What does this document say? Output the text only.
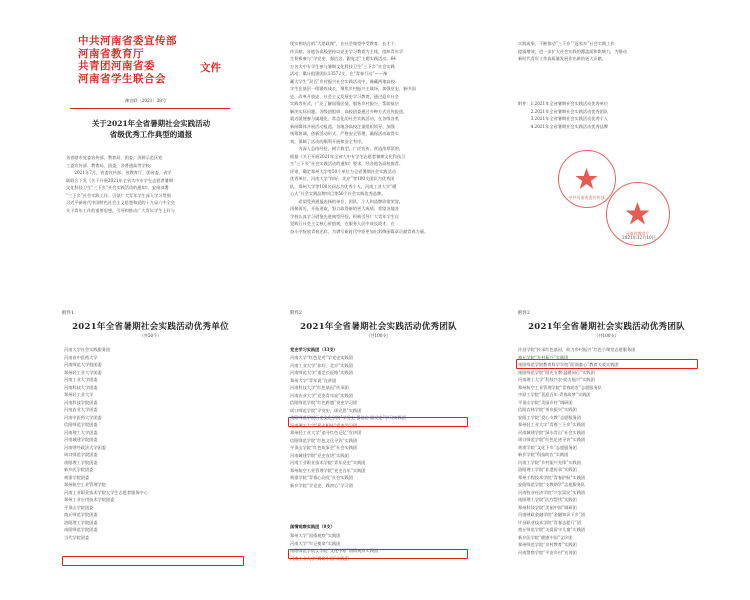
中共河南省委宣传部
河南省教育厅
共青团河南省委
河南省学生联合会
文件
豫宣联〔2021〕38号
关于2021年全省暑期社会实践活动
省级优秀工作典型的通报
各省辖市党委宣传部、教育局、团委，济源示范区党
工委宣传部、教育局、团委，各普通高等学校：
　　2021年7月，省委宣传部、省教育厅、团省委、省学
联联合下发《关于开展2021年全省大中专学生志愿者暑期
文化科技卫生“三下乡”社会实践活动的通知》，安排部署
“三下乡”社会实践工作。引领广大青年学生深入学习贯彻
习近平新时代中国特色社会主义思想和党的十九届六中全会
关于青年工作的重要思想，引导和推动广大青年学生上好与
现实相结合的“大思政课”，在社会课堂中受教育、长才干、
作贡献。各地各高校坚持以党史学习教育为主线，组织青年学
生积极参与“学党史、强信念、跟党走”主题实践活动。64
万名大中专学生参与暑期文化科技卫生“三下乡”社会实践
活动，累计组建团队13572支。在“青春行动”——豫
藏大学生“双百”乡村振兴社会实践活动中，豫藏两地高校
学生在基层一线锻炼成长，聚焦乡村振兴主战场，加强党史、新中国
史、改革开放史、社会主义发展史学习教育，通过返乡社会
实践等形式，广泛了解国情民情，服务乡村振兴，帮助基层
解决实际问题。各级团组织、高校团委通过多种方式宣传报道，
就近就便参与属地化、常态化的社会实践活动，在各级各类
新闻媒体开展活动报道。各地各高校注重组织领导、加强
统筹协调、创新活动形式、严格安全管理，确保活动取得实
效，保障了活动的顺利开展和安全有序。
　　为深入总结经验、树立典型，广泛宣传，营造浓厚氛围，
根据《关于开展2021年全省大中专学生志愿者暑期文化科技卫
生“三下乡”社会实践活动的通知》要求，经各地各高校推荐、
评审，确定郑州大学等50个单位为全省暑期社会实践活动
优秀单位，河南大学“你好，北京”等100支团队为优秀团
队，郑州大学等100名同志为优秀个人，河南工业大学“暖
心人”社会实践品牌项目等50个社会实践优秀品牌。
　　希望受到通报表扬的单位、团队、个人和品牌珍惜荣誉，
再接再厉，开拓进取，努力取得新的更大成绩。希望各地各
学校认真学习借鉴先进典型经验，积极引导广大青年学生自
觉践行社会主义核心价值观，在服务人民中成长成才，在
奋斗中绽放青春光彩，为谱写新时代中原更加出彩绚丽篇章贡献青春力量。
实践成果，不断推动“三下乡”“返家乡”社会实践工作
提质增效，进一步扩大社会实践的覆盖面和影响力，为推动
新时代青年工作高质量发展作出新的更大贡献。
附件：1.2021年全省暑期社会实践活动优秀单位
　　　2.2021年全省暑期社会实践活动优秀团队
　　　3.2021年全省暑期社会实践活动优秀个人
　　　4.2021年全省暑期社会实践活动优秀品牌
中共河南省委宣传部
河南省教育厅
2021年12月10日
附件1
2021年全省暑期社会实践活动优秀单位
（共50个）
河南大学社会实践服务团
河南省中医药大学
河南师范大学校团委
郑州轻工业大学团委
河南工业大学团委
河南科技大学团委
郑州轻工业大学
河南科技学院团委
河南农业大学团委
河南中医药大学团委
信阳师范学院团委
河南理工大学团委
河南城建学院团委
河南财经政法大学团委
周口师范学院团委
南阳理工学院团委
新乡医学院团委
黄淮学院团委
郑州航空工业管理学院
河南工业职业技术学院大学生志愿者服务中心
郑州工业应用技术学院团委
平顶山学院团委
商丘师范学院团委
洛阳理工学院团委
南阳师范学院团委
当代学院团委
附件2
2021年全省暑期社会实践活动优秀团队
（共100支）
党史学习实践团（33支）
河南大学“红色足迹”学党史实践团
河南工业大学“你好，北京”实践团
河南师范大学“重走长征路”实践团
郑州大学“青年说”宣讲团
河南科技大学“红色基因”传承团
河南农业大学“党史青年说”实践团
信阳师范学院“红色跨越”党史学习团
周口师范学院“学党史，颂党恩”实践团
南阳师范学院历史文化学院“学党史 强信念 跟党走”学习实践团
河南理工大学“薪火相传”党史学习团
郑州轻工业大学“追寻红色记忆”宣讲团
信阳师范学院“红色文化寻访”实践团
平顶山学院“红色故事会”社会实践团
河南城建学院“党史宣讲”实践团
河南工业职业技术学院“青年党史”实践团
郑州航空工业管理学院“党史百年”实践团
黄淮学院“青春心向党”社会实践团
新乡学院“学党史、践初心”学习团
国情观察实践团（8支）
郑州大学“国情观察”实践团
河南大学“牢记使命”实践团
南阳师范学院文学院“文化中原”国情观察实践团
河南工业大学“调研中国”实践团
附件2
2021年全省暑期社会实践活动优秀团队
（共100支）
许昌学院“传承红色基因，助力乡村振兴”红色小课堂志愿服务团
商丘学院“乡村振兴”实践团
南阳师范学院教育科学学院“阳润童心”教育关爱实践团
南阳师范学院“阳光支教·温暖同行”实践团
河南理工大学“科技兴农·助力振兴”实践团
郑州航空工业管理学院“青春助农”志愿服务队
中原工学院“喜迎百年·青春筑梦”实践团
平顶山学院“美丽乡村”调研团
信阳农林学院“茶乡振兴”实践团
安阳工学院“爱心支教”志愿服务团
郑州轻工业大学“青春三下乡”实践团
河南城建学院“绿水青山”社会实践团
周口师范学院“红色足迹寻访”实践团
黄淮学院“文化下乡”志愿服务团
新乡学院“科技助农”实践团
河南工学院“乡村振兴先锋”实践团
洛阳理工学院“非遗传承”实践团
郑州工程技术学院“青春护航”实践团
安阳师范学院“支教助学”志愿服务队
河南牧业经济学院“兴农富民”实践团
南阳理工学院“医疗帮扶”实践团
郑州科技学院“美丽中国”调研团
河南财政金融学院“金融知识下乡”团
许昌职业技术学院“青春志愿行”团
商丘师范学院“关爱留守儿童”实践团
新乡医学院“健康中国”义诊团
郑州师范学院“乡村教育”实践团
河南警察学院“平安乡村”宣讲团
